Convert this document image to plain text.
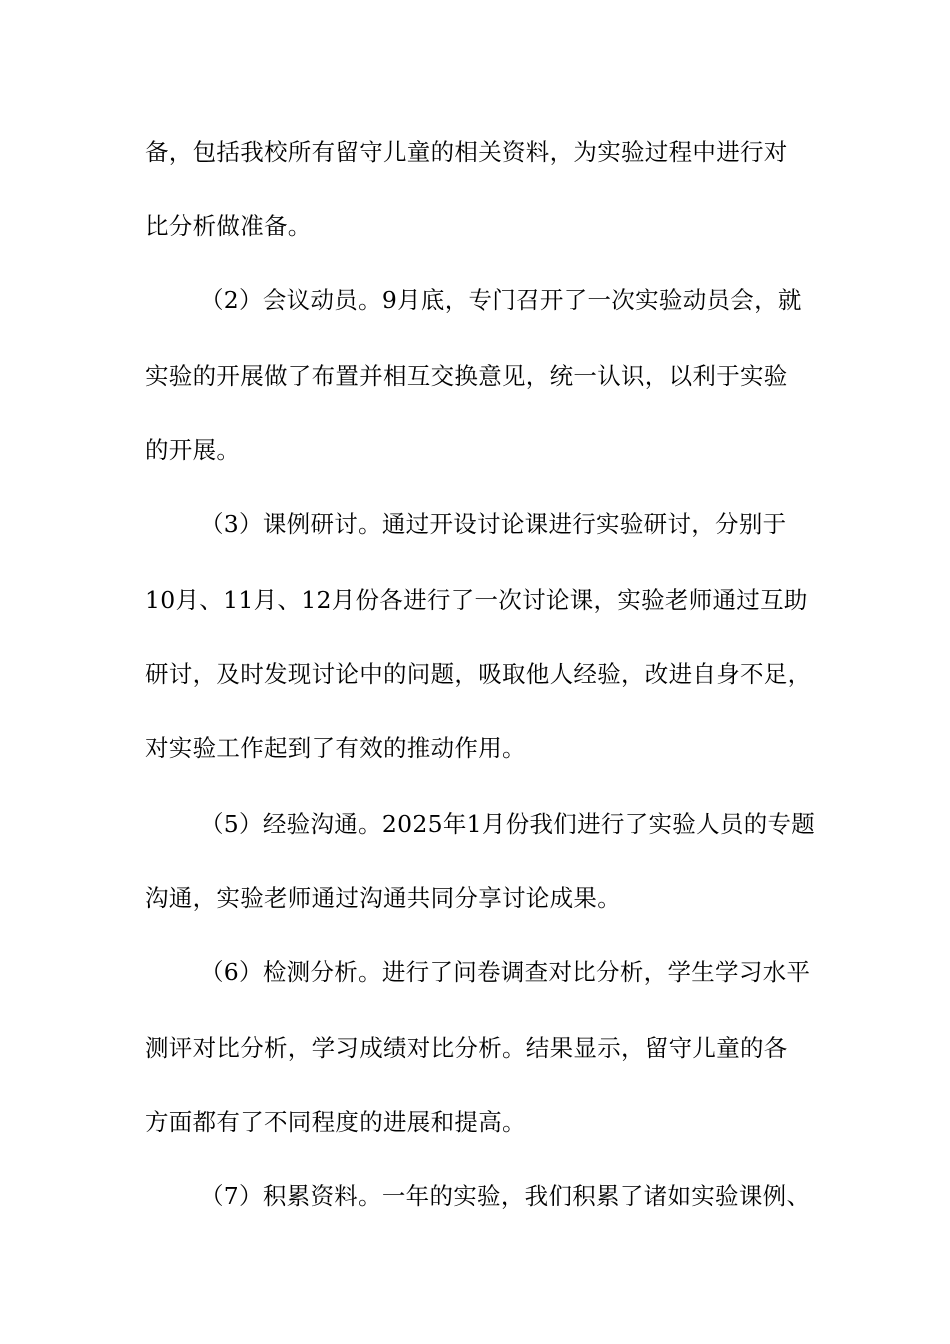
备，包括我校所有留守儿童的相关资料，为实验过程中进行对
比分析做准备。
（2）会议动员。9月底，专门召开了一次实验动员会，就
实验的开展做了布置并相互交换意见，统一认识，以利于实验
的开展。
（3）课例研讨。通过开设讨论课进行实验研讨，分别于
10月、11月、12月份各进行了一次讨论课，实验老师通过互助
研讨，及时发现讨论中的问题，吸取他人经验，改进自身不足，
对实验工作起到了有效的推动作用。
（5）经验沟通。2025年1月份我们进行了实验人员的专题
沟通，实验老师通过沟通共同分享讨论成果。
（6）检测分析。进行了问卷调查对比分析，学生学习水平
测评对比分析，学习成绩对比分析。结果显示，留守儿童的各
方面都有了不同程度的进展和提高。
（7）积累资料。一年的实验，我们积累了诸如实验课例、
